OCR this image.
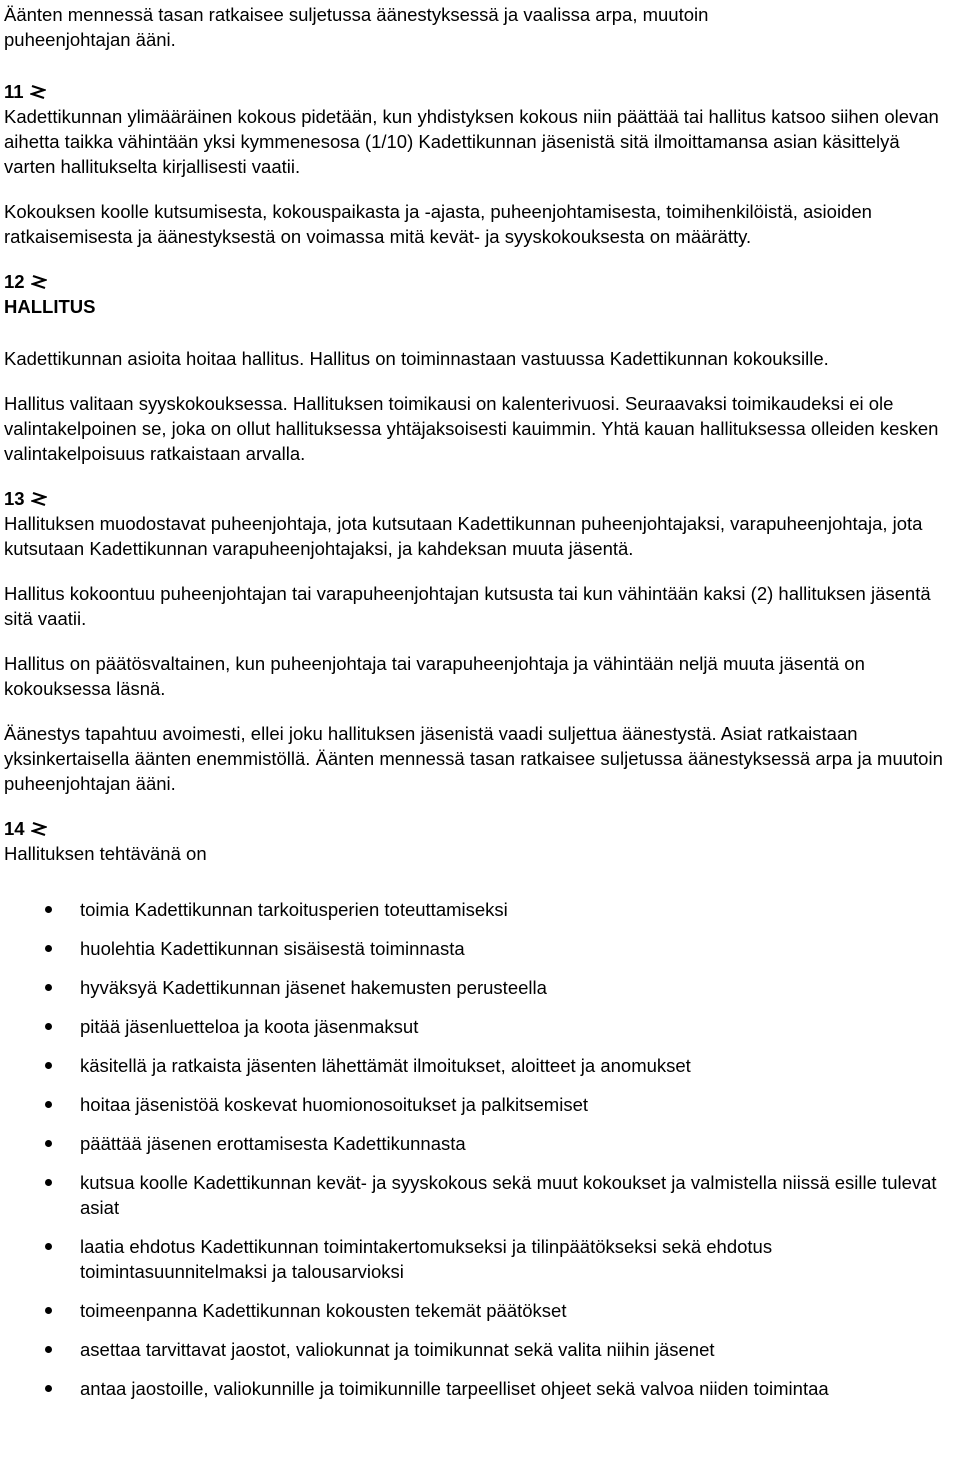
Äänten mennessä tasan ratkaisee suljetussa äänestyksessä ja vaalissa arpa, muutoin

puheenjohtajan ääni.

11

Kadettikunnan ylimääräinen kokous pidetään, kun yhdistyksen kokous niin päättää tai hallitus katsoo siihen olevan aihetta taikka vähintään yksi kymmenesosa (1/10) Kadettikunnan jäsenistä sitä ilmoittamansa asian käsittelyä varten hallitukselta kirjallisesti vaatii.

Kokouksen koolle kutsumisesta, kokouspaikasta ja -ajasta, puheenjohtamisesta, toimihenkilöistä, asioiden ratkaisemisesta ja äänestyksestä on voimassa mitä kevät- ja syyskokouksesta on määrätty.

12

HALLITUS

Kadettikunnan asioita hoitaa hallitus. Hallitus on toiminnastaan vastuussa Kadettikunnan kokouksille.

Hallitus valitaan syyskokouksessa. Hallituksen toimikausi on kalenterivuosi. Seuraavaksi toimikaudeksi ei ole valintakelpoinen se, joka on ollut hallituksessa yhtäjaksoisesti kauimmin. Yhtä kauan hallituksessa olleiden kesken valintakelpoisuus ratkaistaan arvalla.

13

Hallituksen muodostavat puheenjohtaja, jota kutsutaan Kadettikunnan puheenjohtajaksi, varapuheenjohtaja, jota kutsutaan Kadettikunnan varapuheenjohtajaksi, ja kahdeksan muuta jäsentä.

Hallitus kokoontuu puheenjohtajan tai varapuheenjohtajan kutsusta tai kun vähintään kaksi (2) hallituksen jäsentä sitä vaatii.

Hallitus on päätösvaltainen, kun puheenjohtaja tai varapuheenjohtaja ja vähintään neljä muuta jäsentä on kokouksessa läsnä.

Äänestys tapahtuu avoimesti, ellei joku hallituksen jäsenistä vaadi suljettua äänestystä. Asiat ratkaistaan yksinkertaisella äänten enemmistöllä. Äänten mennessä tasan ratkaisee suljetussa äänestyksessä arpa ja muutoin puheenjohtajan ääni.

14

Hallituksen tehtävänä on

toimia Kadettikunnan tarkoitusperien toteuttamiseksi
huolehtia Kadettikunnan sisäisestä toiminnasta
hyväksyä Kadettikunnan jäsenet hakemusten perusteella
pitää jäsenluetteloa ja koota jäsenmaksut
käsitellä ja ratkaista jäsenten lähettämät ilmoitukset, aloitteet ja anomukset
hoitaa jäsenistöä koskevat huomionosoitukset ja palkitsemiset
päättää jäsenen erottamisesta Kadettikunnasta
kutsua koolle Kadettikunnan kevät- ja syyskokous sekä muut kokoukset ja valmistella niissä esille tulevat asiat
laatia ehdotus Kadettikunnan toimintakertomukseksi ja tilinpäätökseksi sekä ehdotus toimintasuunnitelmaksi ja talousarvioksi
toimeenpanna Kadettikunnan kokousten tekemät päätökset
asettaa tarvittavat jaostot, valiokunnat ja toimikunnat sekä valita niihin jäsenet
antaa jaostoille, valiokunnille ja toimikunnille tarpeelliset ohjeet sekä valvoa niiden toimintaa
